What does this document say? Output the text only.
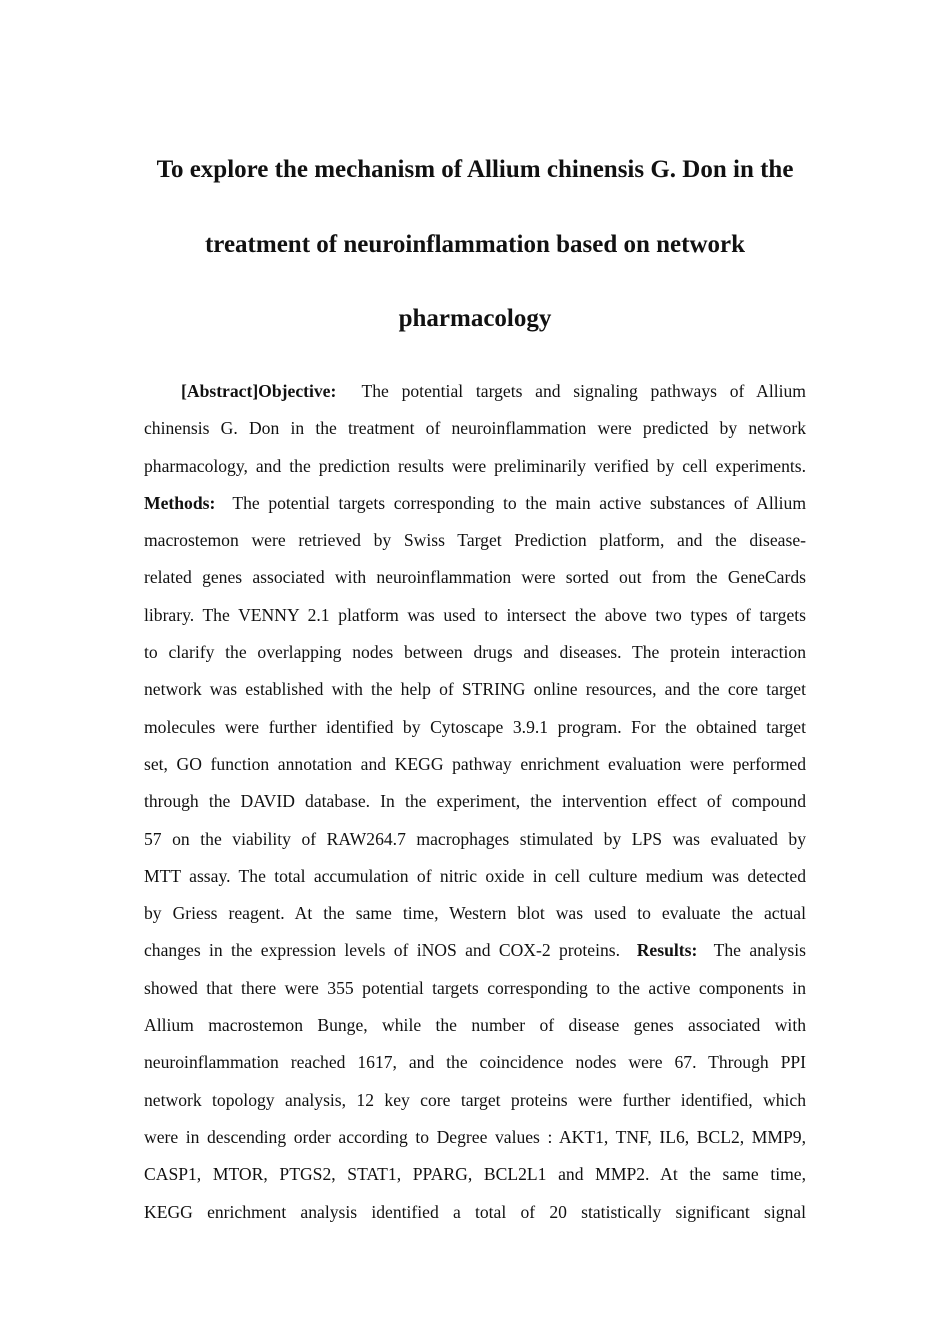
To explore the mechanism of Allium chinensis G. Don in the
treatment of neuroinflammation based on network
pharmacology
[Abstract]Objective: The potential targets and signaling pathways of Allium
chinensis G. Don in the treatment of neuroinflammation were predicted by network
pharmacology, and the prediction results were preliminarily verified by cell experiments.
Methods: The potential targets corresponding to the main active substances of Allium
macrostemon were retrieved by Swiss Target Prediction platform, and the disease-
related genes associated with neuroinflammation were sorted out from the GeneCards
library. The VENNY 2.1 platform was used to intersect the above two types of targets
to clarify the overlapping nodes between drugs and diseases. The protein interaction
network was established with the help of STRING online resources, and the core target
molecules were further identified by Cytoscape 3.9.1 program. For the obtained target
set, GO function annotation and KEGG pathway enrichment evaluation were performed
through the DAVID database. In the experiment, the intervention effect of compound
57 on the viability of RAW264.7 macrophages stimulated by LPS was evaluated by
MTT assay. The total accumulation of nitric oxide in cell culture medium was detected
by Griess reagent. At the same time, Western blot was used to evaluate the actual
changes in the expression levels of iNOS and COX-2 proteins. Results: The analysis
showed that there were 355 potential targets corresponding to the active components in
Allium macrostemon Bunge, while the number of disease genes associated with
neuroinflammation reached 1617, and the coincidence nodes were 67. Through PPI
network topology analysis, 12 key core target proteins were further identified, which
were in descending order according to Degree values : AKT1, TNF, IL6, BCL2, MMP9,
CASP1, MTOR, PTGS2, STAT1, PPARG, BCL2L1 and MMP2. At the same time,
KEGG enrichment analysis identified a total of 20 statistically significant signal
